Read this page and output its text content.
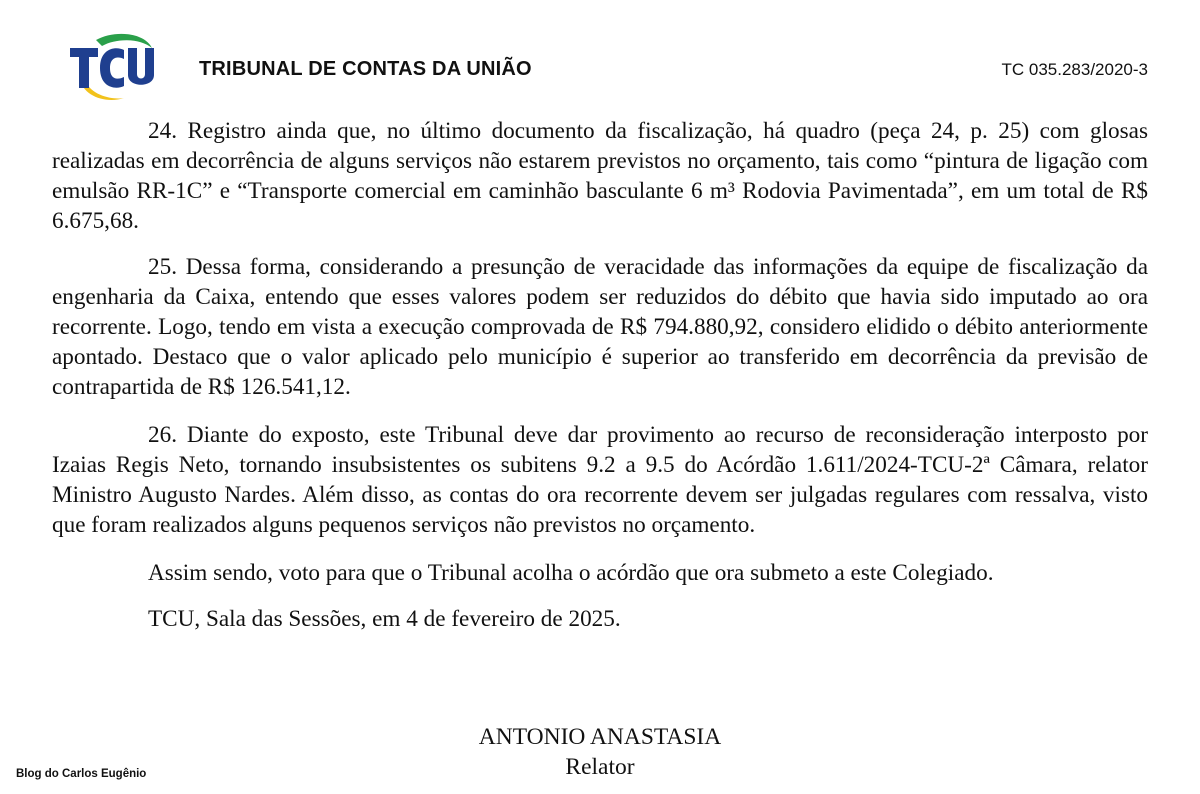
TRIBUNAL DE CONTAS DA UNIÃO	TC 035.283/2020-3

24. Registro ainda que, no último documento da fiscalização, há quadro (peça 24, p. 25) com glosas realizadas em decorrência de alguns serviços não estarem previstos no orçamento, tais como “pintura de ligação com emulsão RR-1C” e “Transporte comercial em caminhão basculante 6 m³ Rodovia Pavimentada”, em um total de R$ 6.675,68.

25. Dessa forma, considerando a presunção de veracidade das informações da equipe de fiscalização da engenharia da Caixa, entendo que esses valores podem ser reduzidos do débito que havia sido imputado ao ora recorrente. Logo, tendo em vista a execução comprovada de R$ 794.880,92, considero elidido o débito anteriormente apontado. Destaco que o valor aplicado pelo município é superior ao transferido em decorrência da previsão de contrapartida de R$ 126.541,12.

26. Diante do exposto, este Tribunal deve dar provimento ao recurso de reconsideração interposto por Izaias Regis Neto, tornando insubsistentes os subitens 9.2 a 9.5 do Acórdão 1.611/2024-TCU-2ª Câmara, relator Ministro Augusto Nardes. Além disso, as contas do ora recorrente devem ser julgadas regulares com ressalva, visto que foram realizados alguns pequenos serviços não previstos no orçamento.

Assim sendo, voto para que o Tribunal acolha o acórdão que ora submeto a este Colegiado.

TCU, Sala das Sessões, em 4 de fevereiro de 2025.

ANTONIO ANASTASIA
Relator
Blog do Carlos Eugênio
